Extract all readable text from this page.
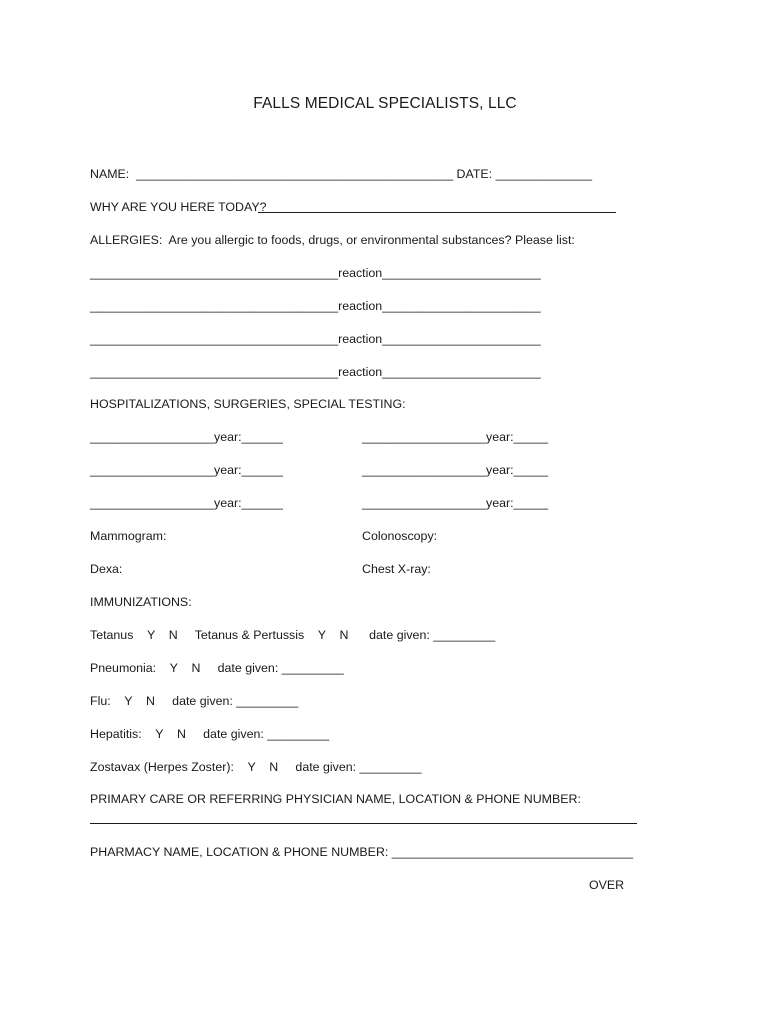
FALLS MEDICAL SPECIALISTS, LLC
NAME:  ______________________________________________ DATE: ______________
WHY ARE YOU HERE TODAY?
ALLERGIES:  Are you allergic to foods, drugs, or environmental substances? Please list:
____________________________________reaction_______________________
____________________________________reaction_______________________
____________________________________reaction_______________________
____________________________________reaction_______________________
HOSPITALIZATIONS, SURGERIES, SPECIAL TESTING:
__________________year:______	__________________year:_____
__________________year:______	__________________year:_____
__________________year:______	__________________year:_____
Mammogram:	Colonoscopy:
Dexa:	Chest X-ray:
IMMUNIZATIONS:
Tetanus    Y    N     Tetanus & Pertussis    Y    N      date given: _________
Pneumonia:    Y    N     date given: _________
Flu:    Y    N     date given: _________
Hepatitis:    Y    N     date given: _________
Zostavax (Herpes Zoster):    Y    N     date given: _________
PRIMARY CARE OR REFERRING PHYSICIAN NAME, LOCATION & PHONE NUMBER:
PHARMACY NAME, LOCATION & PHONE NUMBER: ___________________________________
OVER
